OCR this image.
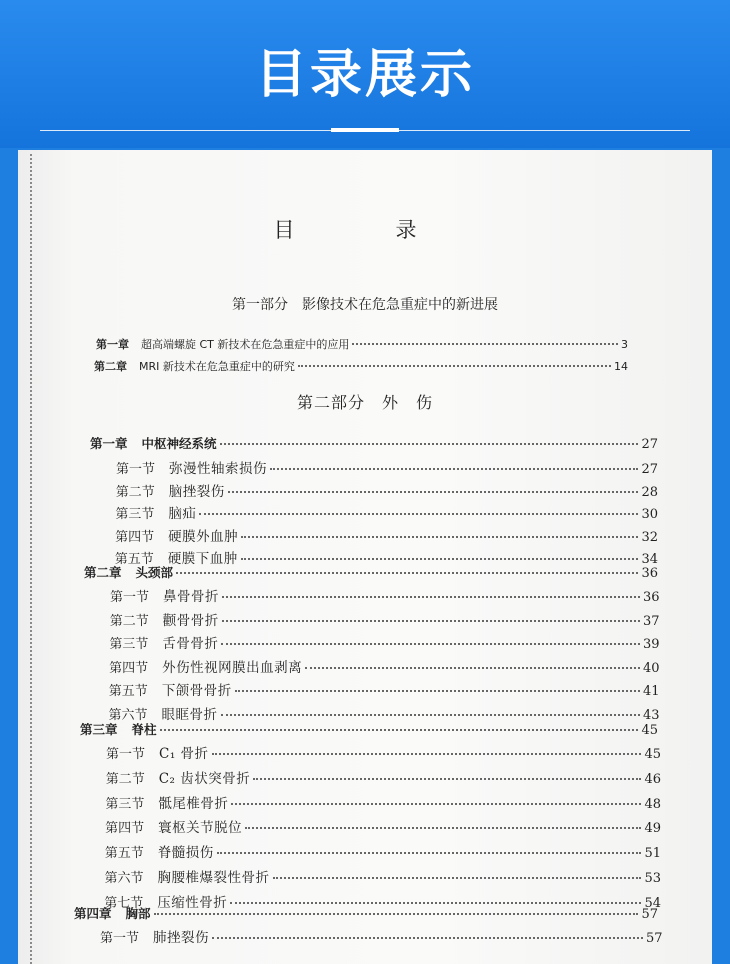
目录展示
目　录
第一部分　影像技术在危急重症中的新进展
第二部分　外　伤
第一章 超高端螺旋 CT 新技术在危急重症中的应用	3
第二章 MRI 新技术在危急重症中的研究	14
第一章 中枢神经系统	27
第一节 弥漫性轴索损伤	27
第二节 脑挫裂伤	28
第三节 脑疝	30
第四节 硬膜外血肿	32
第五节 硬膜下血肿	34
第二章 头颈部	36
第一节 鼻骨骨折	36
第二节 颧骨骨折	37
第三节 舌骨骨折	39
第四节 外伤性视网膜出血剥离	40
第五节 下颌骨骨折	41
第六节 眼眶骨折	43
第三章 脊柱	45
第一节 C₁ 骨折	45
第二节 C₂ 齿状突骨折	46
第三节 骶尾椎骨折	48
第四节 寰枢关节脱位	49
第五节 脊髓损伤	51
第六节 胸腰椎爆裂性骨折	53
第七节 压缩性骨折	54
第四章 胸部	57
第一节 肺挫裂伤	57
